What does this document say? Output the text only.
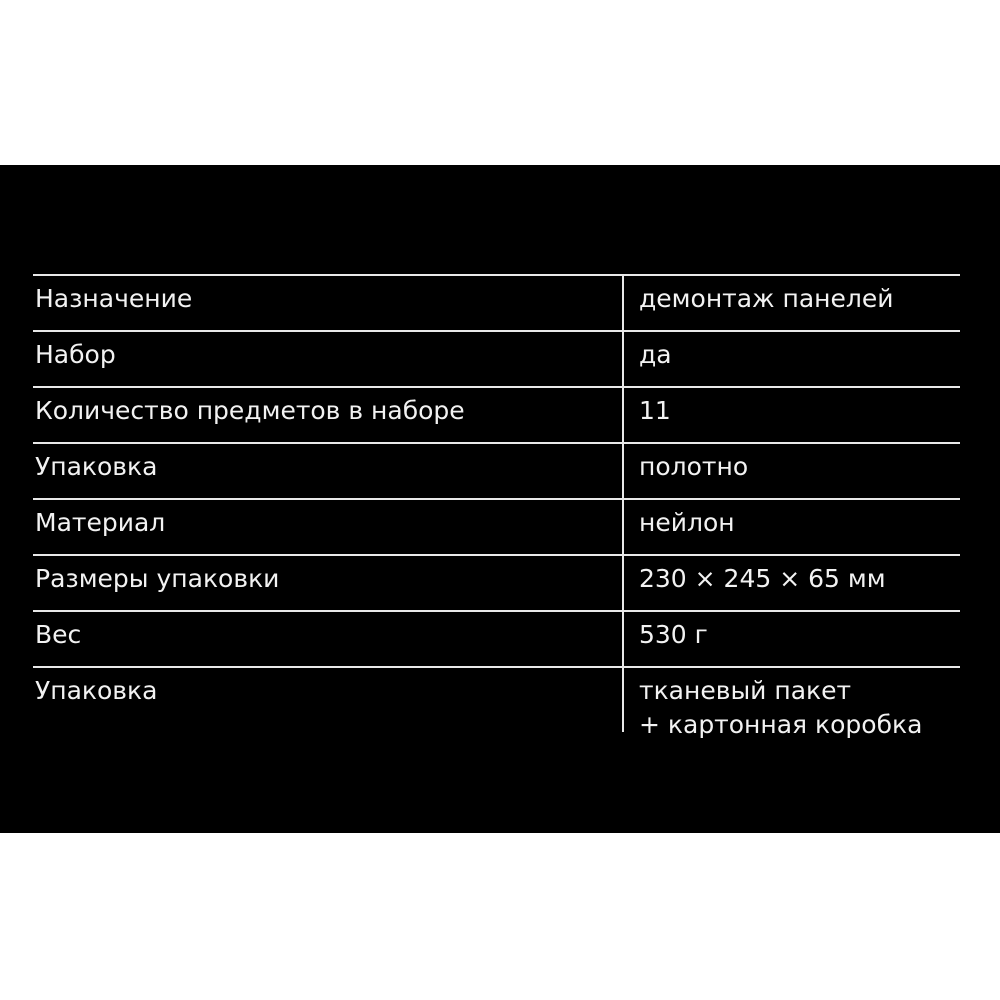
Назначение	демонтаж панелей
Набор	да
Количество предметов в наборе	11
Упаковка	полотно
Материал	нейлон
Размеры упаковки	230 × 245 × 65 мм
Вес	530 г
Упаковка	тканевый пакет
+ картонная коробка
